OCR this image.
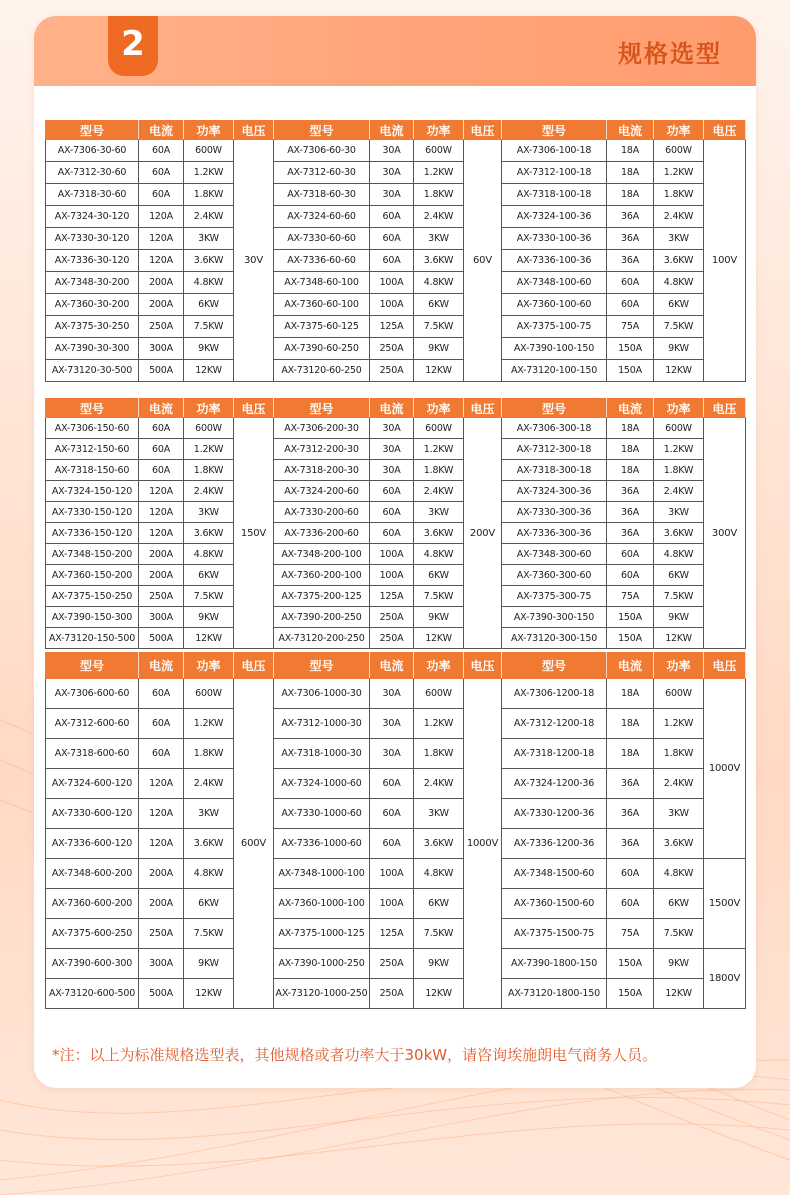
2	规格选型
型号	电流	功率	电压	型号	电流	功率	电压	型号	电流	功率	电压
AX-7306-30-60	60A	600W	30V	AX-7306-60-30	30A	600W	60V	AX-7306-100-18	18A	600W	100V
AX-7312-30-60	60A	1.2KW		AX-7312-60-30	30A	1.2KW		AX-7312-100-18	18A	1.2KW	
AX-7318-30-60	60A	1.8KW		AX-7318-60-30	30A	1.8KW		AX-7318-100-18	18A	1.8KW	
AX-7324-30-120	120A	2.4KW		AX-7324-60-60	60A	2.4KW		AX-7324-100-36	36A	2.4KW	
AX-7330-30-120	120A	3KW		AX-7330-60-60	60A	3KW		AX-7330-100-36	36A	3KW	
AX-7336-30-120	120A	3.6KW		AX-7336-60-60	60A	3.6KW		AX-7336-100-36	36A	3.6KW	
AX-7348-30-200	200A	4.8KW		AX-7348-60-100	100A	4.8KW		AX-7348-100-60	60A	4.8KW	
AX-7360-30-200	200A	6KW		AX-7360-60-100	100A	6KW		AX-7360-100-60	60A	6KW	
AX-7375-30-250	250A	7.5KW		AX-7375-60-125	125A	7.5KW		AX-7375-100-75	75A	7.5KW	
AX-7390-30-300	300A	9KW		AX-7390-60-250	250A	9KW		AX-7390-100-150	150A	9KW	
AX-73120-30-500	500A	12KW		AX-73120-60-250	250A	12KW		AX-73120-100-150	150A	12KW	
型号	电流	功率	电压	型号	电流	功率	电压	型号	电流	功率	电压
AX-7306-150-60	60A	600W	150V	AX-7306-200-30	30A	600W	200V	AX-7306-300-18	18A	600W	300V
AX-7312-150-60	60A	1.2KW		AX-7312-200-30	30A	1.2KW		AX-7312-300-18	18A	1.2KW	
AX-7318-150-60	60A	1.8KW		AX-7318-200-30	30A	1.8KW		AX-7318-300-18	18A	1.8KW	
AX-7324-150-120	120A	2.4KW		AX-7324-200-60	60A	2.4KW		AX-7324-300-36	36A	2.4KW	
AX-7330-150-120	120A	3KW		AX-7330-200-60	60A	3KW		AX-7330-300-36	36A	3KW	
AX-7336-150-120	120A	3.6KW		AX-7336-200-60	60A	3.6KW		AX-7336-300-36	36A	3.6KW	
AX-7348-150-200	200A	4.8KW		AX-7348-200-100	100A	4.8KW		AX-7348-300-60	60A	4.8KW	
AX-7360-150-200	200A	6KW		AX-7360-200-100	100A	6KW		AX-7360-300-60	60A	6KW	
AX-7375-150-250	250A	7.5KW		AX-7375-200-125	125A	7.5KW		AX-7375-300-75	75A	7.5KW	
AX-7390-150-300	300A	9KW		AX-7390-200-250	250A	9KW		AX-7390-300-150	150A	9KW	
AX-73120-150-500	500A	12KW		AX-73120-200-250	250A	12KW		AX-73120-300-150	150A	12KW	
型号	电流	功率	电压	型号	电流	功率	电压	型号	电流	功率	电压
AX-7306-600-60	60A	600W	600V	AX-7306-1000-30	30A	600W	1000V	AX-7306-1200-18	18A	600W	1000V
AX-7312-600-60	60A	1.2KW		AX-7312-1000-30	30A	1.2KW		AX-7312-1200-18	18A	1.2KW	
AX-7318-600-60	60A	1.8KW		AX-7318-1000-30	30A	1.8KW		AX-7318-1200-18	18A	1.8KW	
AX-7324-600-120	120A	2.4KW		AX-7324-1000-60	60A	2.4KW		AX-7324-1200-36	36A	2.4KW	
AX-7330-600-120	120A	3KW		AX-7330-1000-60	60A	3KW		AX-7330-1200-36	36A	3KW	
AX-7336-600-120	120A	3.6KW		AX-7336-1000-60	60A	3.6KW		AX-7336-1200-36	36A	3.6KW	
AX-7348-600-200	200A	4.8KW		AX-7348-1000-100	100A	4.8KW		AX-7348-1500-60	60A	4.8KW	1500V
AX-7360-600-200	200A	6KW		AX-7360-1000-100	100A	6KW		AX-7360-1500-60	60A	6KW	
AX-7375-600-250	250A	7.5KW		AX-7375-1000-125	125A	7.5KW		AX-7375-1500-75	75A	7.5KW	
AX-7390-600-300	300A	9KW		AX-7390-1000-250	250A	9KW		AX-7390-1800-150	150A	9KW	1800V
AX-73120-600-500	500A	12KW		AX-73120-1000-250	250A	12KW		AX-73120-1800-150	150A	12KW	
*注：以上为标准规格选型表，其他规格或者功率大于30kW，请咨询埃施朗电气商务人员。
